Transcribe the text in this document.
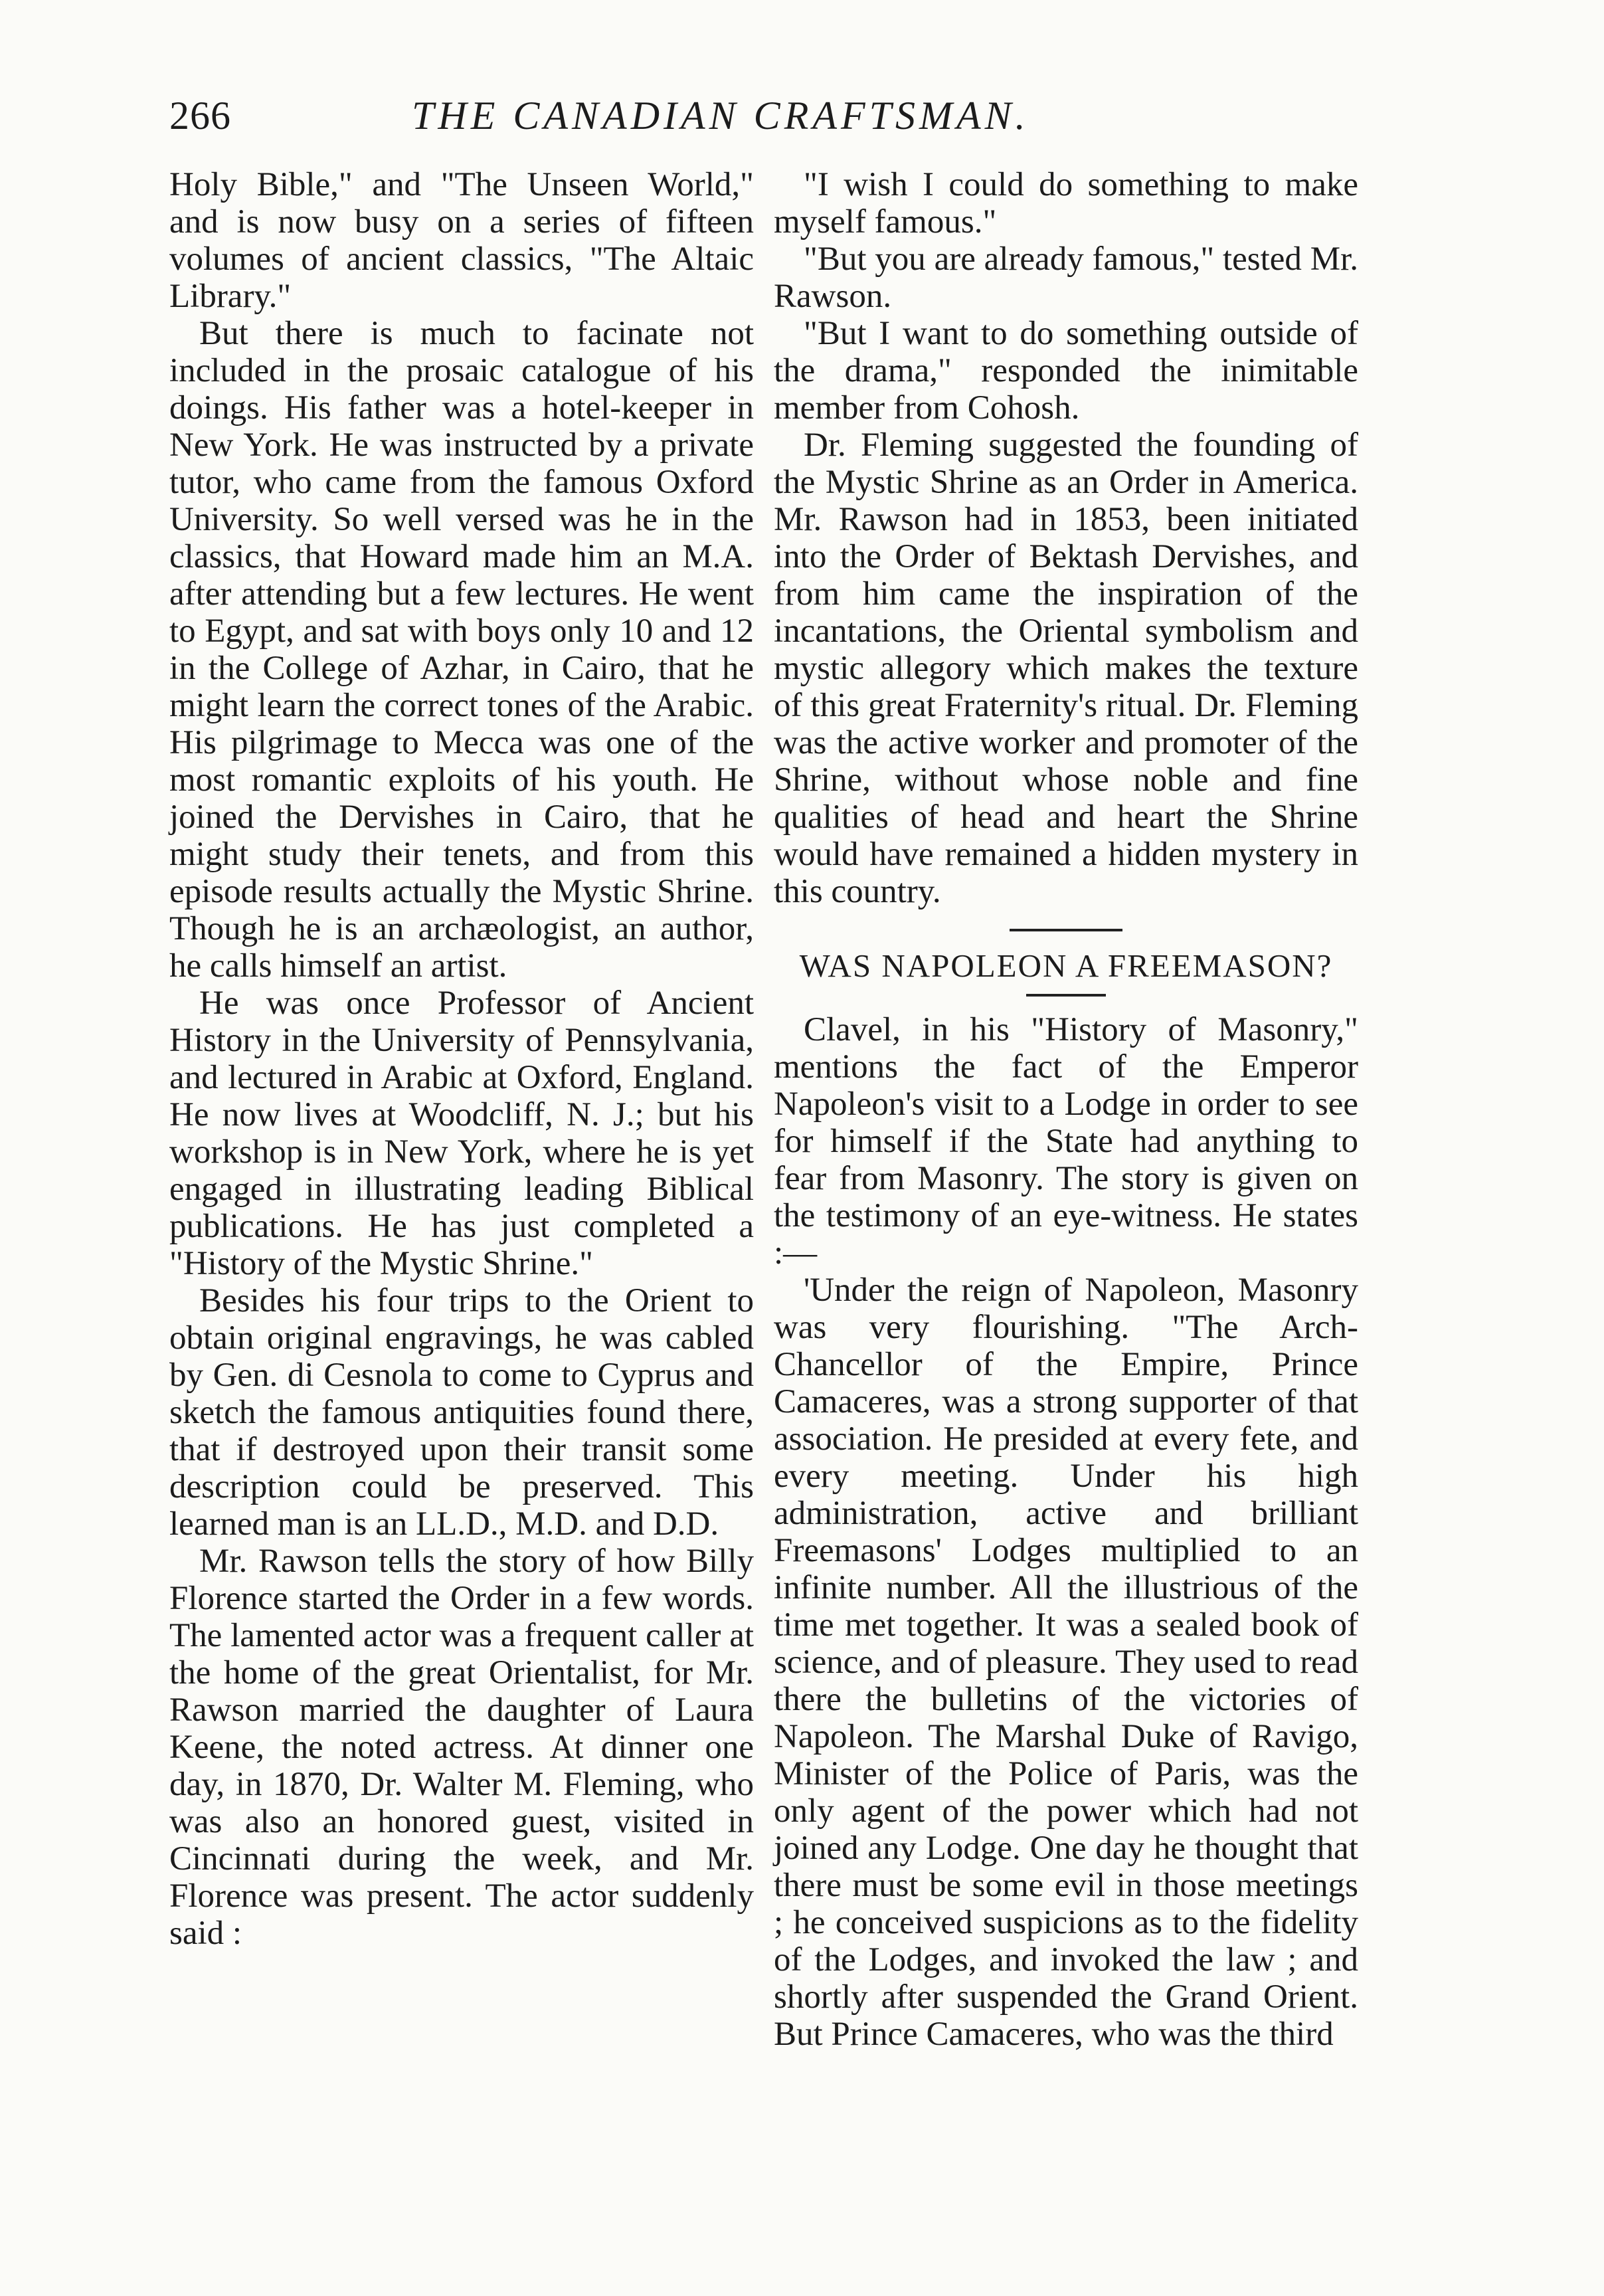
266	THE CANADIAN CRAFTSMAN.

Holy Bible," and "The Unseen World," and is now busy on a series of fifteen volumes of ancient classics, "The Altaic Library."

But there is much to facinate not included in the prosaic catalogue of his doings. His father was a hotel-keeper in New York. He was instructed by a private tutor, who came from the famous Oxford University. So well versed was he in the classics, that Howard made him an M.A. after attending but a few lectures. He went to Egypt, and sat with boys only 10 and 12 in the College of Azhar, in Cairo, that he might learn the correct tones of the Arabic. His pilgrimage to Mecca was one of the most romantic exploits of his youth. He joined the Dervishes in Cairo, that he might study their tenets, and from this episode results actually the Mystic Shrine. Though he is an archæologist, an author, he calls himself an artist.

He was once Professor of Ancient History in the University of Pennsylvania, and lectured in Arabic at Oxford, England. He now lives at Woodcliff, N. J.; but his workshop is in New York, where he is yet engaged in illustrating leading Biblical publications. He has just completed a "History of the Mystic Shrine."

Besides his four trips to the Orient to obtain original engravings, he was cabled by Gen. di Cesnola to come to Cyprus and sketch the famous antiquities found there, that if destroyed upon their transit some description could be preserved. This learned man is an LL.D., M.D. and D.D.

Mr. Rawson tells the story of how Billy Florence started the Order in a few words. The lamented actor was a frequent caller at the home of the great Orientalist, for Mr. Rawson married the daughter of Laura Keene, the noted actress. At dinner one day, in 1870, Dr. Walter M. Fleming, who was also an honored guest, visited in Cincinnati during the week, and Mr. Florence was present. The actor suddenly said :

"I wish I could do something to make myself famous."

"But you are already famous," tested Mr. Rawson.

"But I want to do something outside of the drama," responded the inimitable member from Cohosh.

Dr. Fleming suggested the founding of the Mystic Shrine as an Order in America. Mr. Rawson had in 1853, been initiated into the Order of Bektash Dervishes, and from him came the inspiration of the incantations, the Oriental symbolism and mystic allegory which makes the texture of this great Fraternity's ritual. Dr. Fleming was the active worker and promoter of the Shrine, without whose noble and fine qualities of head and heart the Shrine would have remained a hidden mystery in this country.

WAS NAPOLEON A FREEMASON?

Clavel, in his "History of Masonry," mentions the fact of the Emperor Napoleon's visit to a Lodge in order to see for himself if the State had anything to fear from Masonry. The story is given on the testimony of an eye-witness. He states :—

'Under the reign of Napoleon, Masonry was very flourishing. "The Arch-Chancellor of the Empire, Prince Camaceres, was a strong supporter of that association. He presided at every fete, and every meeting. Under his high administration, active and brilliant Freemasons' Lodges multiplied to an infinite number. All the illustrious of the time met together. It was a sealed book of science, and of pleasure. They used to read there the bulletins of the victories of Napoleon. The Marshal Duke of Ravigo, Minister of the Police of Paris, was the only agent of the power which had not joined any Lodge. One day he thought that there must be some evil in those meetings ; he conceived suspicions as to the fidelity of the Lodges, and invoked the law ; and shortly after suspended the Grand Orient. But Prince Camaceres, who was the third
